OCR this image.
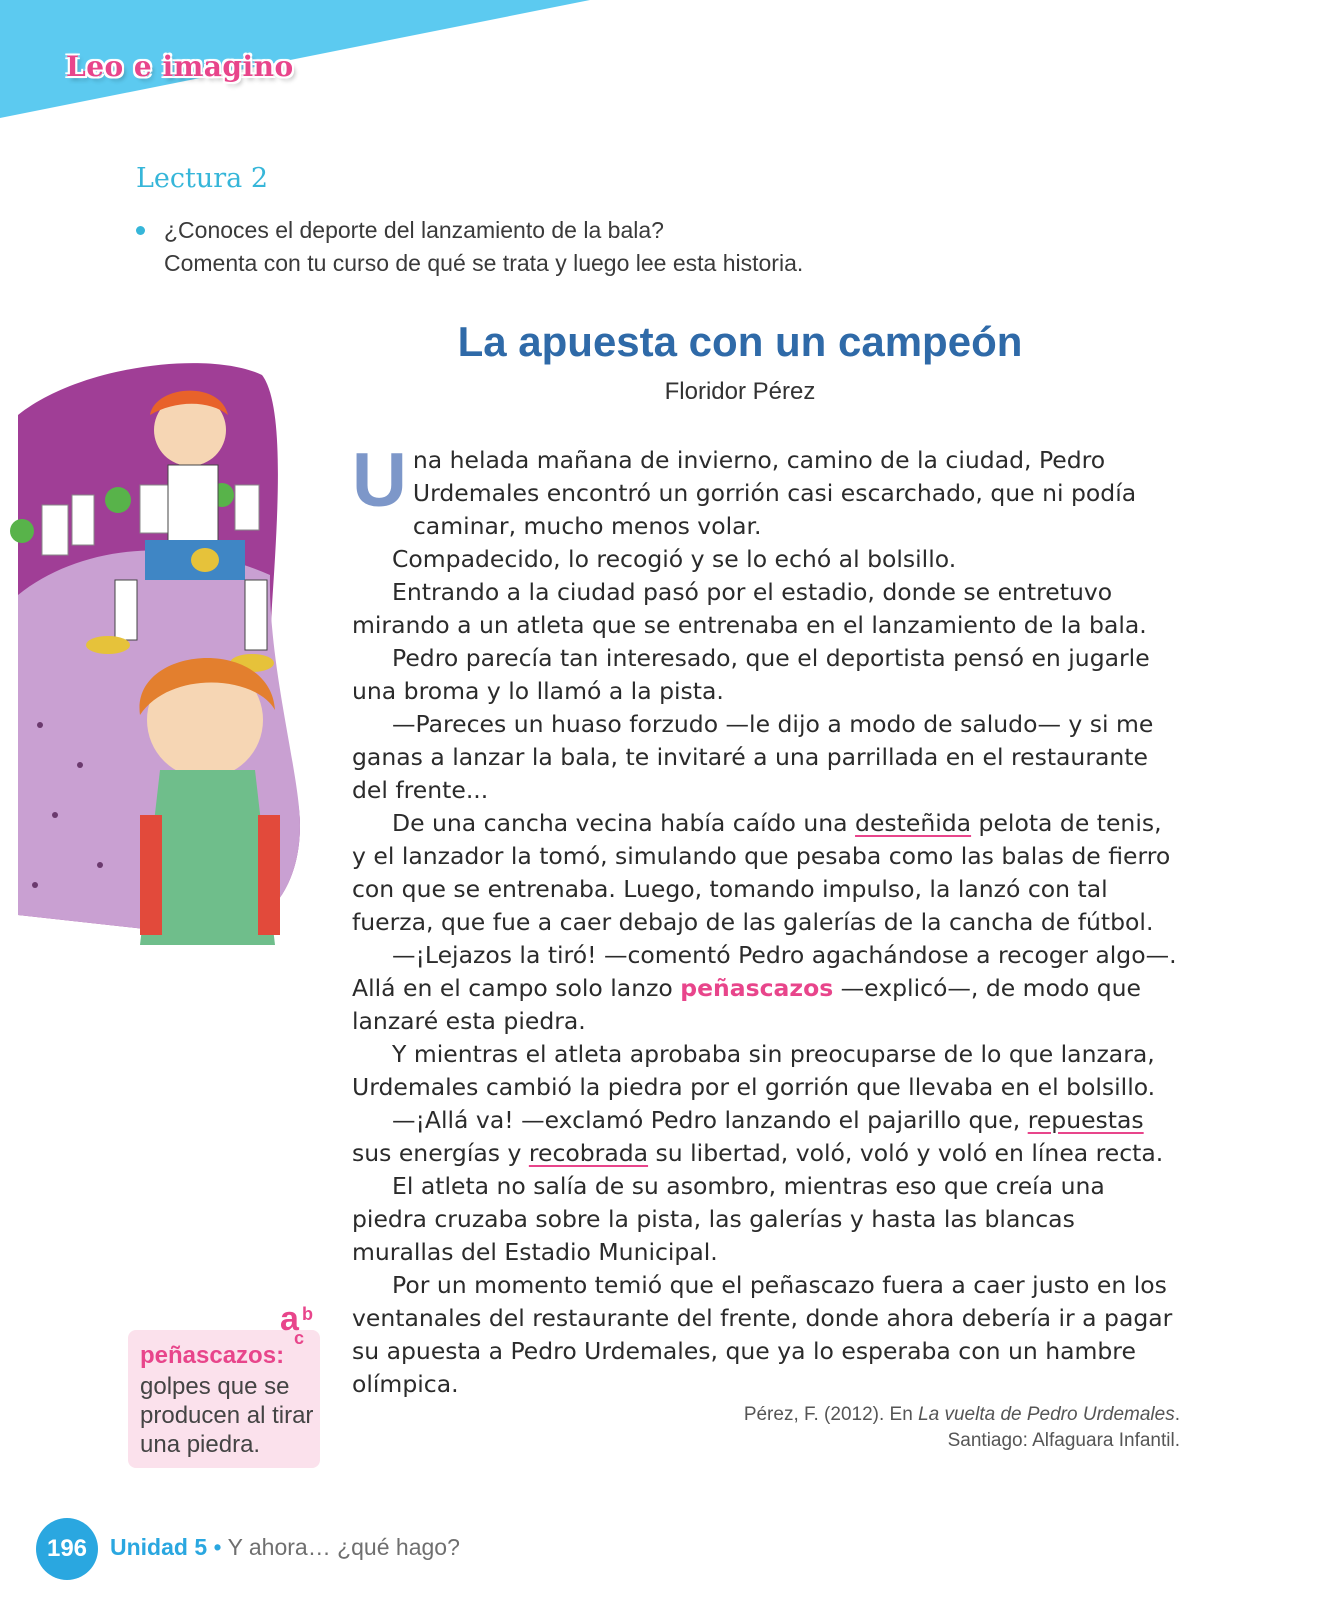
Leo e imagino
Lectura 2
¿Conoces el deporte del lanzamiento de la bala?
Comenta con tu curso de qué se trata y luego lee esta historia.
La apuesta con un campeón
Floridor Pérez

Una helada mañana de invierno, camino de la ciudad, Pedro Urdemales encontró un gorrión casi escarchado, que ni podía caminar, mucho menos volar.

Compadecido, lo recogió y se lo echó al bolsillo.

Entrando a la ciudad pasó por el estadio, donde se entretuvo mirando a un atleta que se entrenaba en el lanzamiento de la bala.

Pedro parecía tan interesado, que el deportista pensó en jugarle una broma y lo llamó a la pista.

—Pareces un huaso forzudo —le dijo a modo de saludo— y si me ganas a lanzar la bala, te invitaré a una parrillada en el restaurante del frente...

De una cancha vecina había caído una desteñida pelota de tenis, y el lanzador la tomó, simulando que pesaba como las balas de fierro con que se entrenaba. Luego, tomando impulso, la lanzó con tal fuerza, que fue a caer debajo de las galerías de la cancha de fútbol.

—¡Lejazos la tiró! —comentó Pedro agachándose a recoger algo—. Allá en el campo solo lanzo peñascazos —explicó—, de modo que lanzaré esta piedra.

Y mientras el atleta aprobaba sin preocuparse de lo que lanzara, Urdemales cambió la piedra por el gorrión que llevaba en el bolsillo.

—¡Allá va! —exclamó Pedro lanzando el pajarillo que, repuestas sus energías y recobrada su libertad, voló, voló y voló en línea recta.

El atleta no salía de su asombro, mientras eso que creía una piedra cruzaba sobre la pista, las galerías y hasta las blancas murallas del Estadio Municipal.

Por un momento temió que el peñascazo fuera a caer justo en los ventanales del restaurante del frente, donde ahora debería ir a pagar su apuesta a Pedro Urdemales, que ya lo esperaba con un hambre olímpica.

Pérez, F. (2012). En La vuelta de Pedro Urdemales.
Santiago: Alfaguara Infantil.
a b
c
peñascazos:
golpes que se producen al tirar una piedra.
196 Unidad 5 • Y ahora… ¿qué hago?
